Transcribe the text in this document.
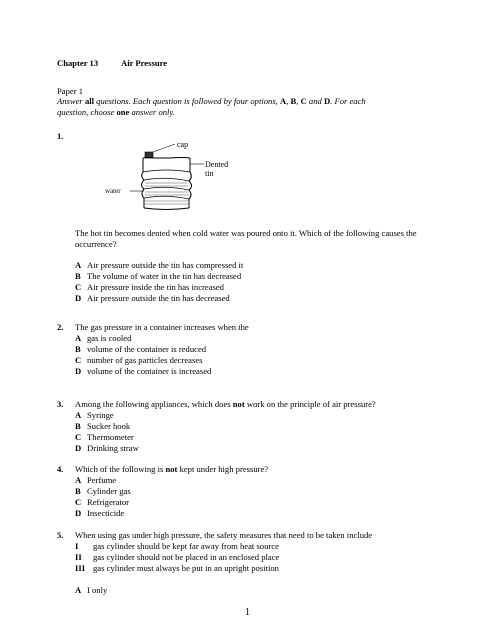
Chapter 13	Air Pressure
Paper 1
Answer all questions. Each question is followed by four options, A, B, C and D. For each
question, choose one answer only.
1.
cap
Dented
tin
water
The hot tin becomes dented when cold water was poured onto it. Which of the following causes the
occurrence?
A Air pressure outside the tin has compressed it
B The volume of water in the tin has decreased
C Air pressure inside the tin has increased
D Air pressure outside the tin has decreased
2. The gas pressure in a container increases when the
A gas is cooled
B volume of the container is reduced
C number of gas particles decreases
D volume of the container is increased
3. Among the following appliances, which does not work on the principle of air pressure?
A Syringe
B Sucker hook
C Thermometer
D Drinking straw
4. Which of the following is not kept under high pressure?
A Perfume
B Cylinder gas
C Refrigerator
D Insecticide
5. When using gas under high pressure, the safety measures that need to be taken include
I gas cylinder should be kept far away from heat source
II gas cylinder should not be placed in an enclosed place
III gas cylinder must always be put in an upright position
A I only
1
